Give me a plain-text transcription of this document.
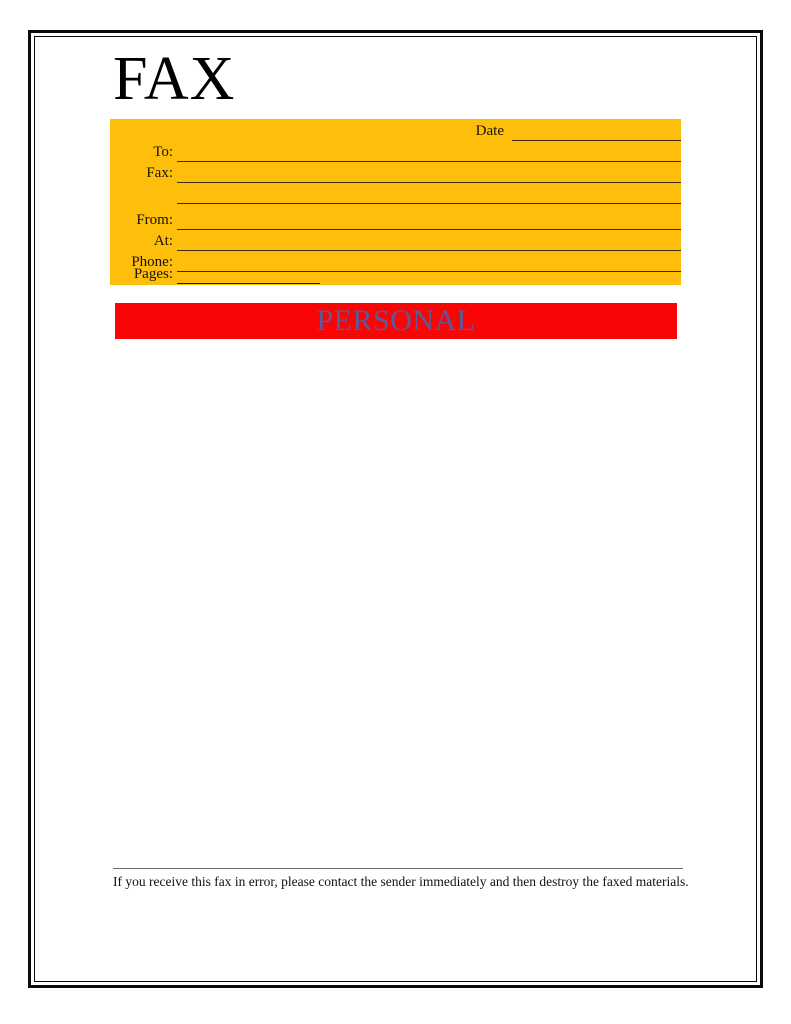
FAX
Date
To:
Fax:
From:
At:
Phone:
Pages:
PERSONAL
If you receive this fax in error, please contact the sender immediately and then destroy the faxed materials.
